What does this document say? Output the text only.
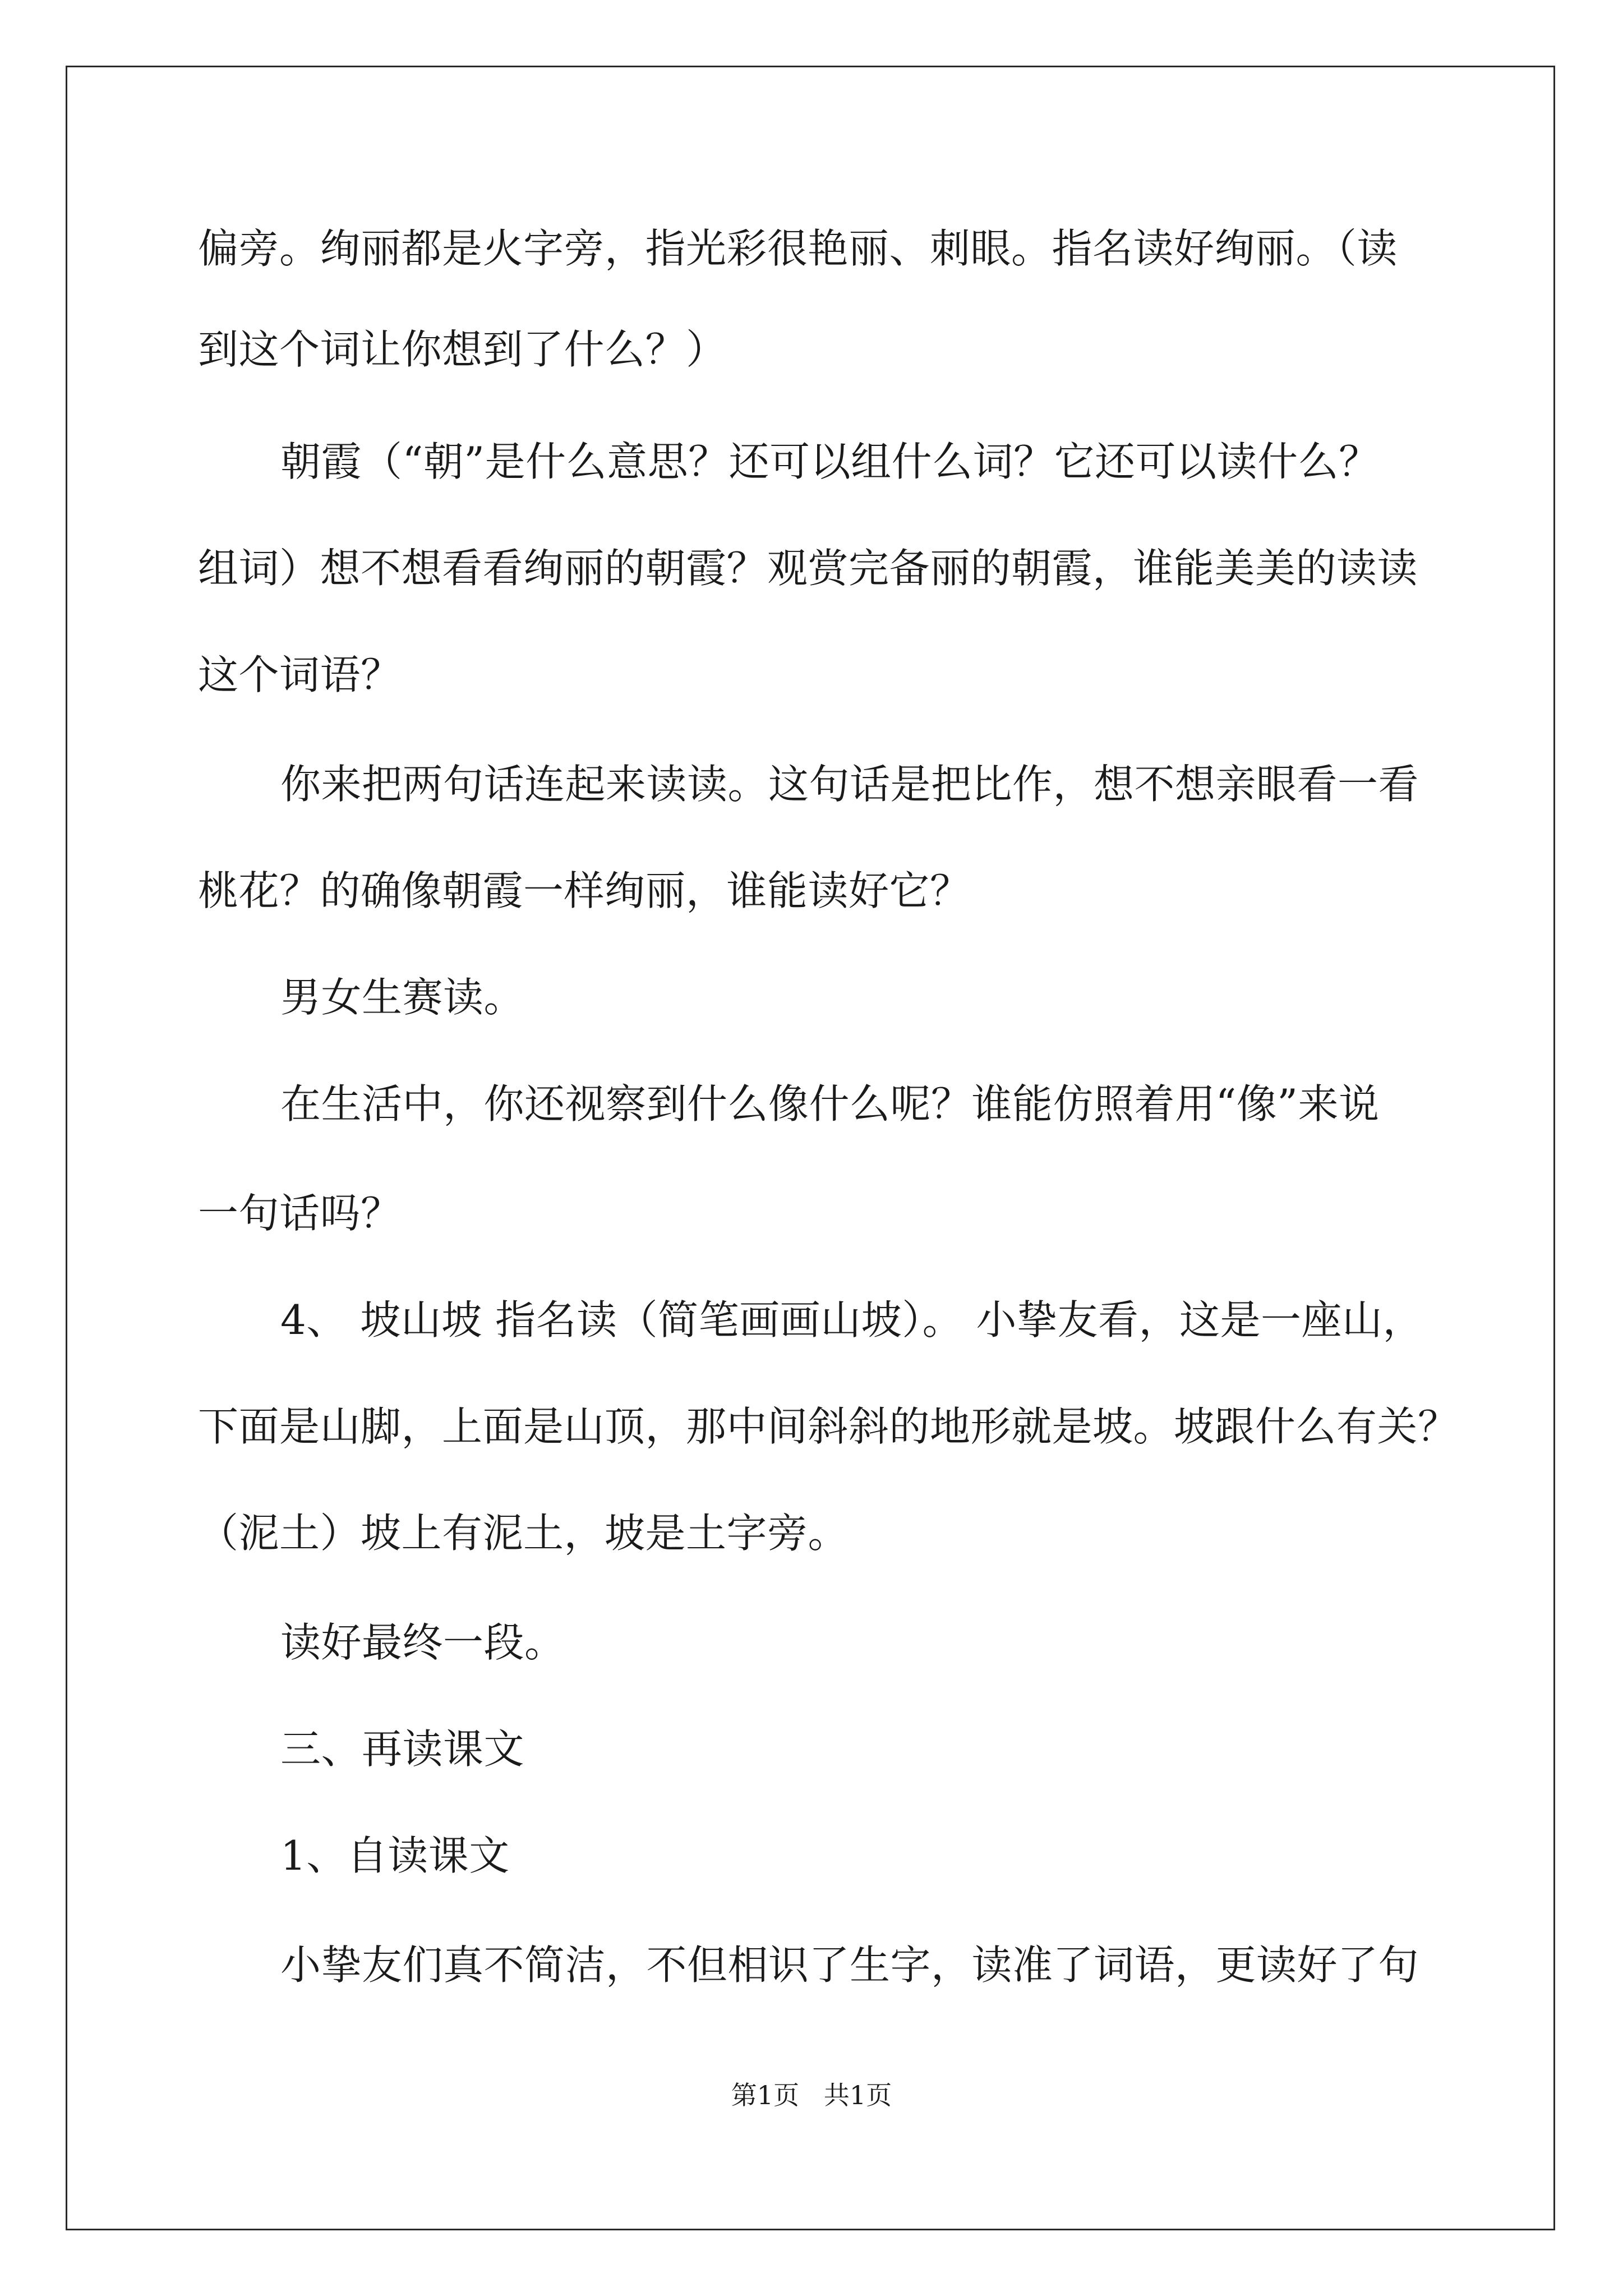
偏旁。绚丽都是火字旁，指光彩很艳丽、刺眼。指名读好绚丽。（读
到这个词让你想到了什么？）
朝霞（“朝”是什么意思？还可以组什么词？它还可以读什么？
组词）想不想看看绚丽的朝霞？观赏完备丽的朝霞，谁能美美的读读
这个词语？
你来把两句话连起来读读。这句话是把比作，想不想亲眼看一看
桃花？的确像朝霞一样绚丽，谁能读好它？
男女生赛读。
在生活中，你还视察到什么像什么呢？谁能仿照着用“像”来说
一句话吗？
4、 坡山坡 指名读（简笔画画山坡）。 小挚友看，这是一座山，
下面是山脚，上面是山顶，那中间斜斜的地形就是坡。坡跟什么有关？
（泥土）坡上有泥土，坡是土字旁。
读好最终一段。
三、再读课文
1、自读课文
小挚友们真不简洁，不但相识了生字，读准了词语，更读好了句
第1页   共1页
